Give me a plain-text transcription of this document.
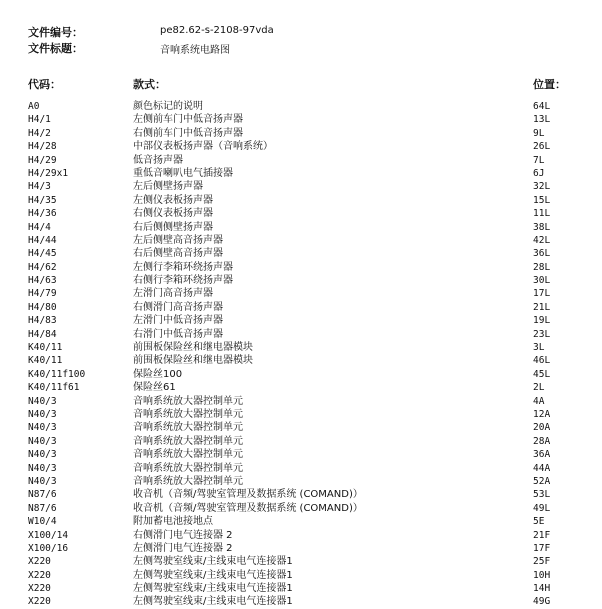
文件编号：	pe82.62-s-2108-97vda
文件标题：	音响系统电路图
代码：	款式：	位置：
A0	颜色标记的说明	64L
H4/1	左侧前车门中低音扬声器	13L
H4/2	右侧前车门中低音扬声器	9L
H4/28	中部仪表板扬声器（音响系统）	26L
H4/29	低音扬声器	7L
H4/29x1	重低音喇叭电气插接器	6J
H4/3	左后侧壁扬声器	32L
H4/35	左侧仪表板扬声器	15L
H4/36	右侧仪表板扬声器	11L
H4/4	右后侧侧壁扬声器	38L
H4/44	左后侧壁高音扬声器	42L
H4/45	右后侧壁高音扬声器	36L
H4/62	左侧行李箱环绕扬声器	28L
H4/63	右侧行李箱环绕扬声器	30L
H4/79	左滑门高音扬声器	17L
H4/80	右侧滑门高音扬声器	21L
H4/83	左滑门中低音扬声器	19L
H4/84	右滑门中低音扬声器	23L
K40/11	前围板保险丝和继电器模块	3L
K40/11	前围板保险丝和继电器模块	46L
K40/11f100	保险丝100	45L
K40/11f61	保险丝61	2L
N40/3	音响系统放大器控制单元	4A
N40/3	音响系统放大器控制单元	12A
N40/3	音响系统放大器控制单元	20A
N40/3	音响系统放大器控制单元	28A
N40/3	音响系统放大器控制单元	36A
N40/3	音响系统放大器控制单元	44A
N40/3	音响系统放大器控制单元	52A
N87/6	收音机（音频/驾驶室管理及数据系统 (COMAND)）	53L
N87/6	收音机（音频/驾驶室管理及数据系统 (COMAND)）	49L
W10/4	附加蓄电池接地点	5E
X100/14	右侧滑门电气连接器 2	21F
X100/16	左侧滑门电气连接器 2	17F
X220	左侧驾驶室线束/主线束电气连接器1	25F
X220	左侧驾驶室线束/主线束电气连接器1	10H
X220	左侧驾驶室线束/主线束电气连接器1	14H
X220	左侧驾驶室线束/主线束电气连接器1	49G
